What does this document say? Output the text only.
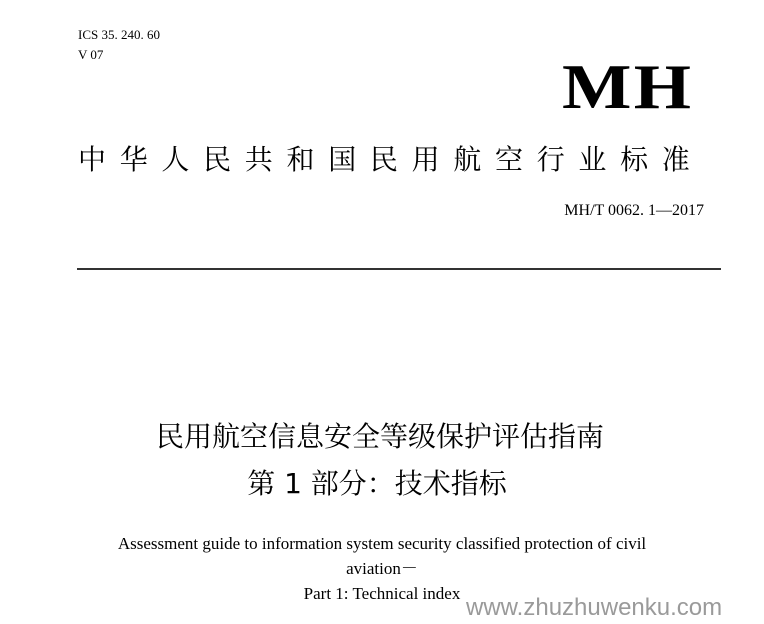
ICS 35. 240. 60
V 07	MH
中华人民共和国民用航空行业标准
MH/T 0062. 1—2017
民用航空信息安全等级保护评估指南
第 1 部分：技术指标
Assessment guide to information system security classified protection of civil
aviation－
Part 1: Technical index
www.zhuzhuwenku.com
